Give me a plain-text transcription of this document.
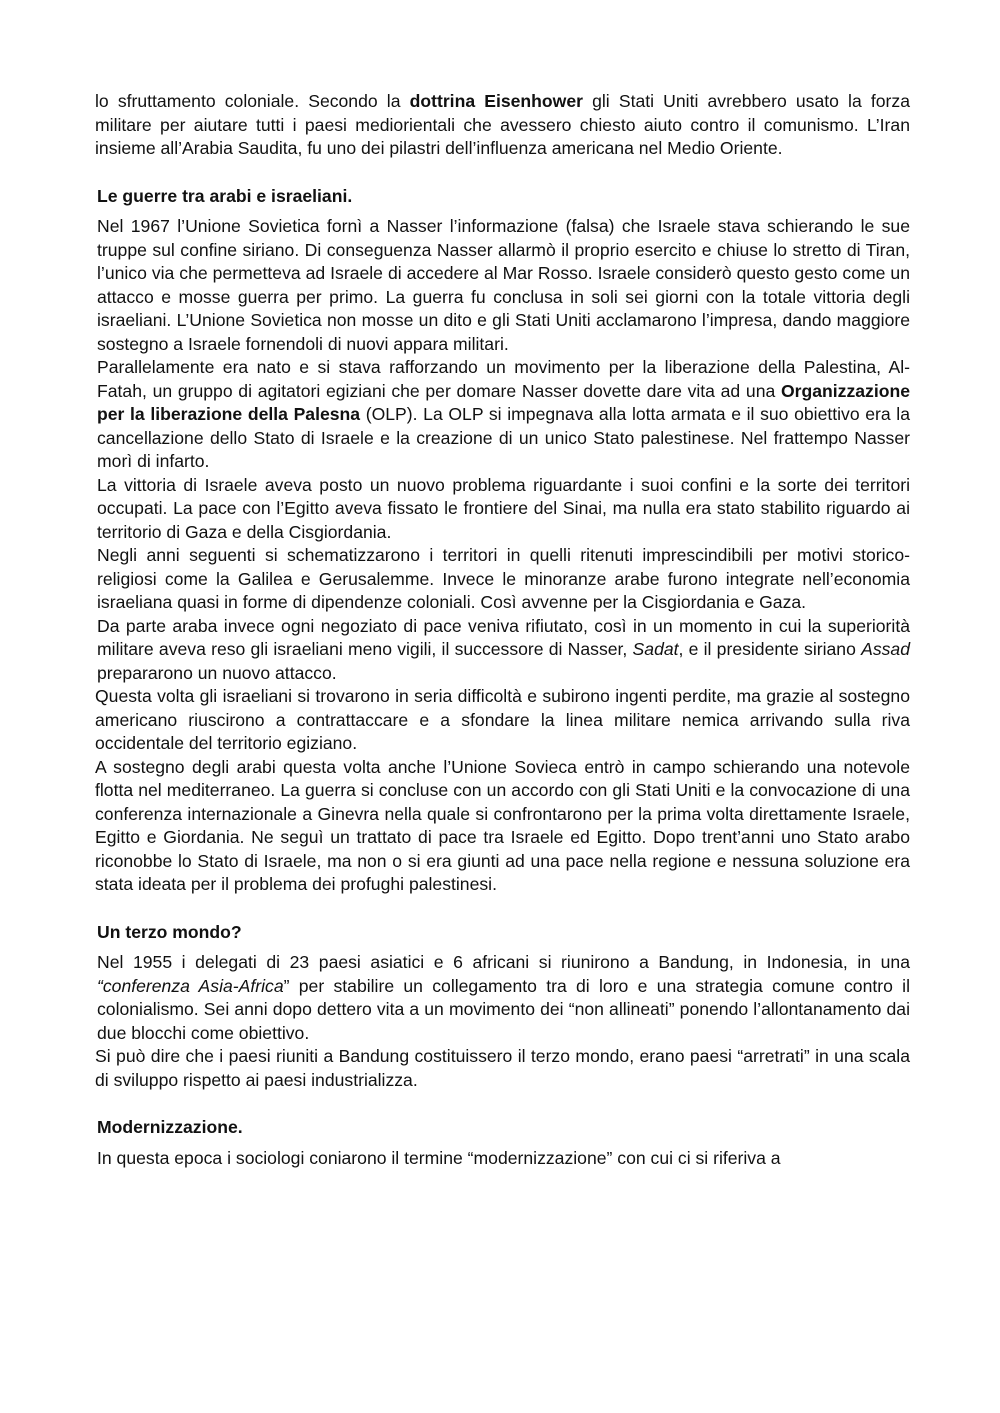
lo sfruttamento coloniale. Secondo la dottrina Eisenhower gli Stati Uniti avrebbero usato la forza militare per aiutare tutti i paesi mediorientali che avessero chiesto aiuto contro il comunismo. L’Iran insieme all’Arabia Saudita, fu uno dei pilastri dell’influenza americana nel Medio Oriente.

Le guerre tra arabi e israeliani.

Nel 1967 l’Unione Sovietica fornì a Nasser l’informazione (falsa) che Israele stava schierando le sue truppe sul confine siriano. Di conseguenza Nasser allarmò il proprio esercito e chiuse lo stretto di Tiran, l’unico via che permetteva ad Israele di accedere al Mar Rosso. Israele considerò questo gesto come un attacco e mosse guerra per primo. La guerra fu conclusa in soli sei giorni con la totale vittoria degli israeliani. L’Unione Sovietica non mosse un dito e gli Stati Uniti acclamarono l’impresa, dando maggiore sostegno a Israele fornendoli di nuovi appara militari.

Parallelamente era nato e si stava rafforzando un movimento per la liberazione della Palestina, Al-Fatah, un gruppo di agitatori egiziani che per domare Nasser dovette dare vita ad una Organizzazione per la liberazione della Palesna (OLP). La OLP si impegnava alla lotta armata e il suo obiettivo era la cancellazione dello Stato di Israele e la creazione di un unico Stato palestinese. Nel frattempo Nasser morì di infarto.

La vittoria di Israele aveva posto un nuovo problema riguardante i suoi confini e la sorte dei territori occupati. La pace con l’Egitto aveva fissato le frontiere del Sinai, ma nulla era stato stabilito riguardo ai territorio di Gaza e della Cisgiordania.

Negli anni seguenti si schematizzarono i territori in quelli ritenuti imprescindibili per motivi storico-religiosi come la Galilea e Gerusalemme. Invece le minoranze arabe furono integrate nell’economia israeliana quasi in forme di dipendenze coloniali. Così avvenne per la Cisgiordania e Gaza.

Da parte araba invece ogni negoziato di pace veniva rifiutato, così in un momento in cui la superiorità militare aveva reso gli israeliani meno vigili, il successore di Nasser, Sadat, e il presidente siriano Assad prepararono un nuovo attacco.

Questa volta gli israeliani si trovarono in seria difficoltà e subirono ingenti perdite, ma grazie al sostegno americano riuscirono a contrattaccare e a sfondare la linea militare nemica arrivando sulla riva occidentale del territorio egiziano.

A sostegno degli arabi questa volta anche l’Unione Sovieca entrò in campo schierando una notevole flotta nel mediterraneo. La guerra si concluse con un accordo con gli Stati Uniti e la convocazione di una conferenza internazionale a Ginevra nella quale si confrontarono per la prima volta direttamente Israele, Egitto e Giordania. Ne seguì un trattato di pace tra Israele ed Egitto. Dopo trent’anni uno Stato arabo riconobbe lo Stato di Israele, ma non o si era giunti ad una pace nella regione e nessuna soluzione era stata ideata per il problema dei profughi palestinesi.

Un terzo mondo?

Nel 1955 i delegati di 23 paesi asiatici e 6 africani si riunirono a Bandung, in Indonesia, in una “conferenza Asia-Africa” per stabilire un collegamento tra di loro e una strategia comune contro il colonialismo. Sei anni dopo dettero vita a un movimento dei “non allineati” ponendo l’allontanamento dai due blocchi come obiettivo.

Si può dire che i paesi riuniti a Bandung costituissero il terzo mondo, erano paesi “arretrati” in una scala di sviluppo rispetto ai paesi industrializza.

Modernizzazione.

In questa epoca i sociologi coniarono il termine “modernizzazione” con cui ci si riferiva a
